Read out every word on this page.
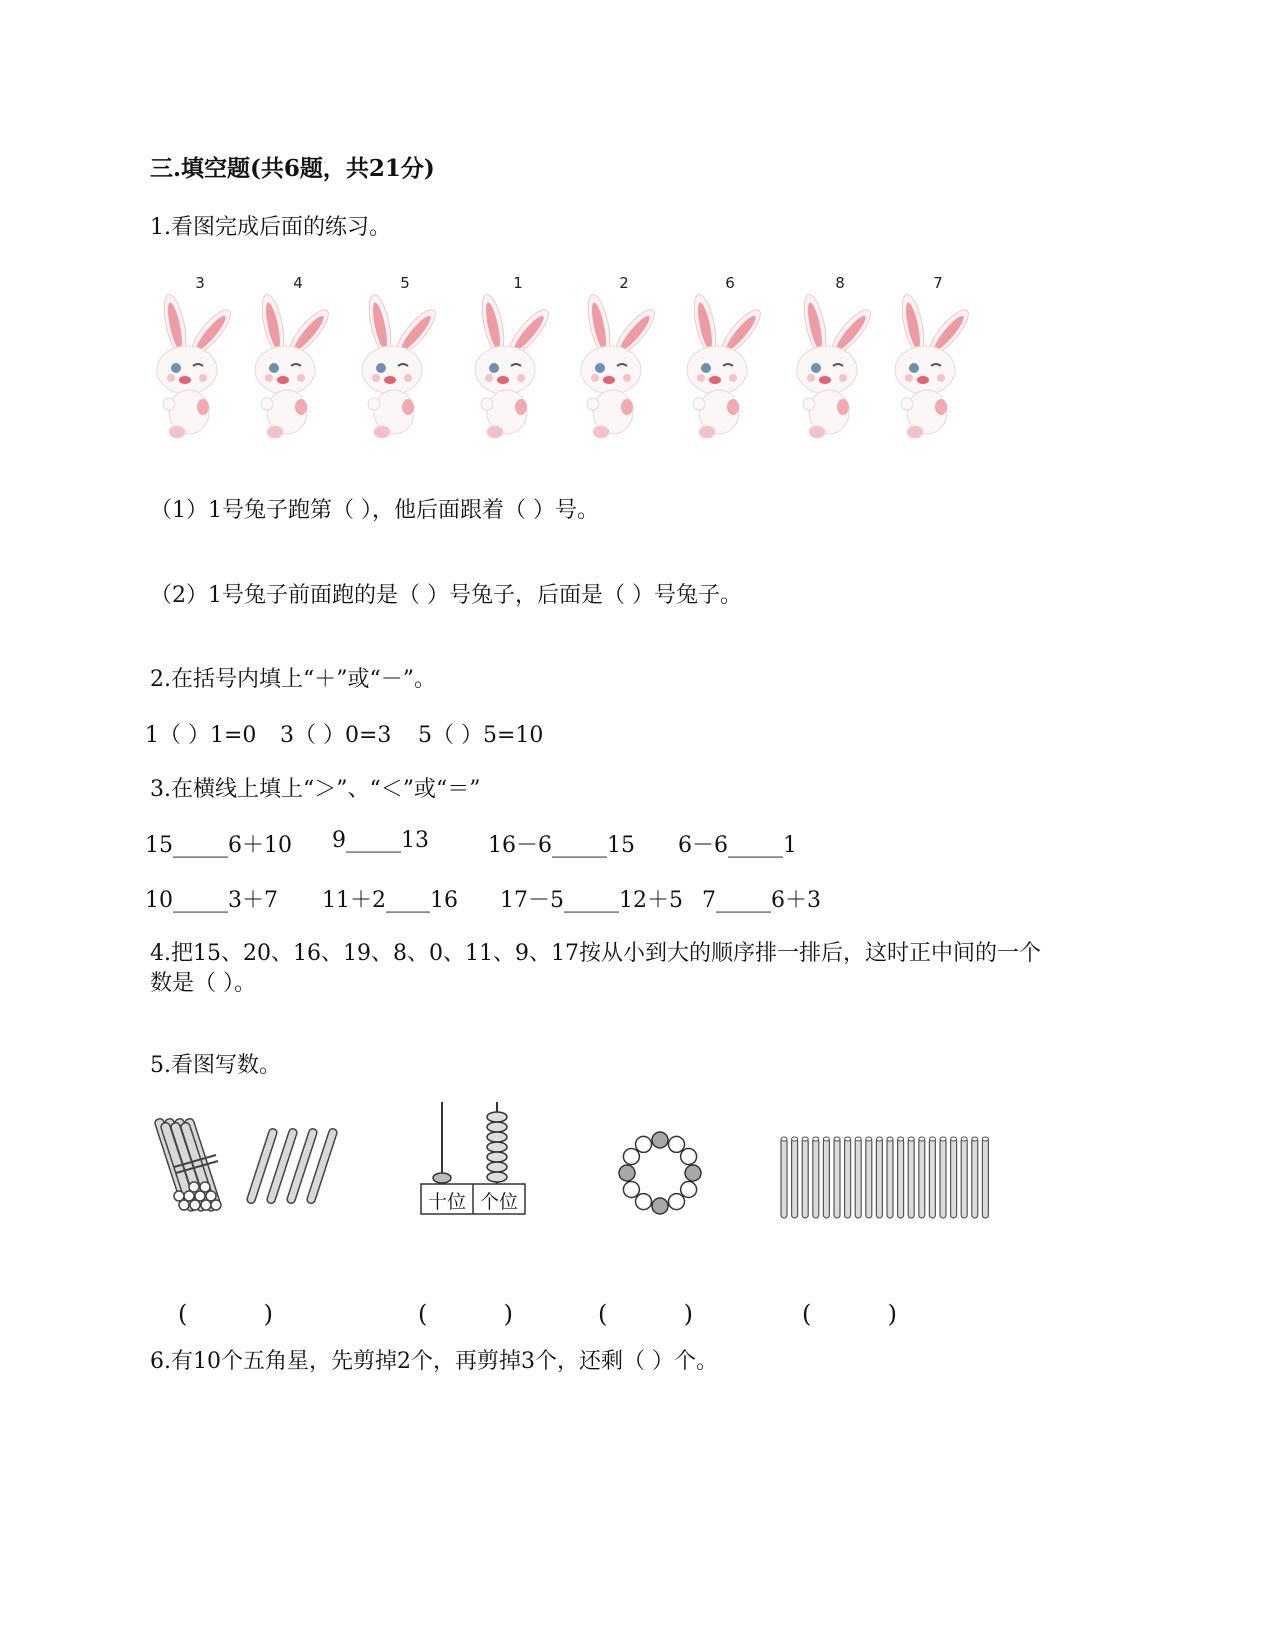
三.填空题(共6题，共21分)
1.看图完成后面的练习。
3	4	5	1	2	6	8	7
（1）1号兔子跑第（ ），他后面跟着（ ）号。
（2）1号兔子前面跑的是（ ）号兔子，后面是（ ）号兔子。
2.在括号内填上“＋”或“－”。
1（ ）1=0 3（ ）0=3 5（ ）5=10
3.在横线上填上“＞”、“＜”或“＝”
15_____6＋10 9_____13	16－6_____15 6－6_____1
10_____3＋7 11＋2____16 17－5_____12＋5 7_____6＋3
4.把15、20、16、19、8、0、11、9、17按从小到大的顺序排一排后，这时正中间的一个
数是（ ）。
5.看图写数。
十位 个位
(          )	(          )	(          )	(          )
6.有10个五角星，先剪掉2个，再剪掉3个，还剩（ ）个。
